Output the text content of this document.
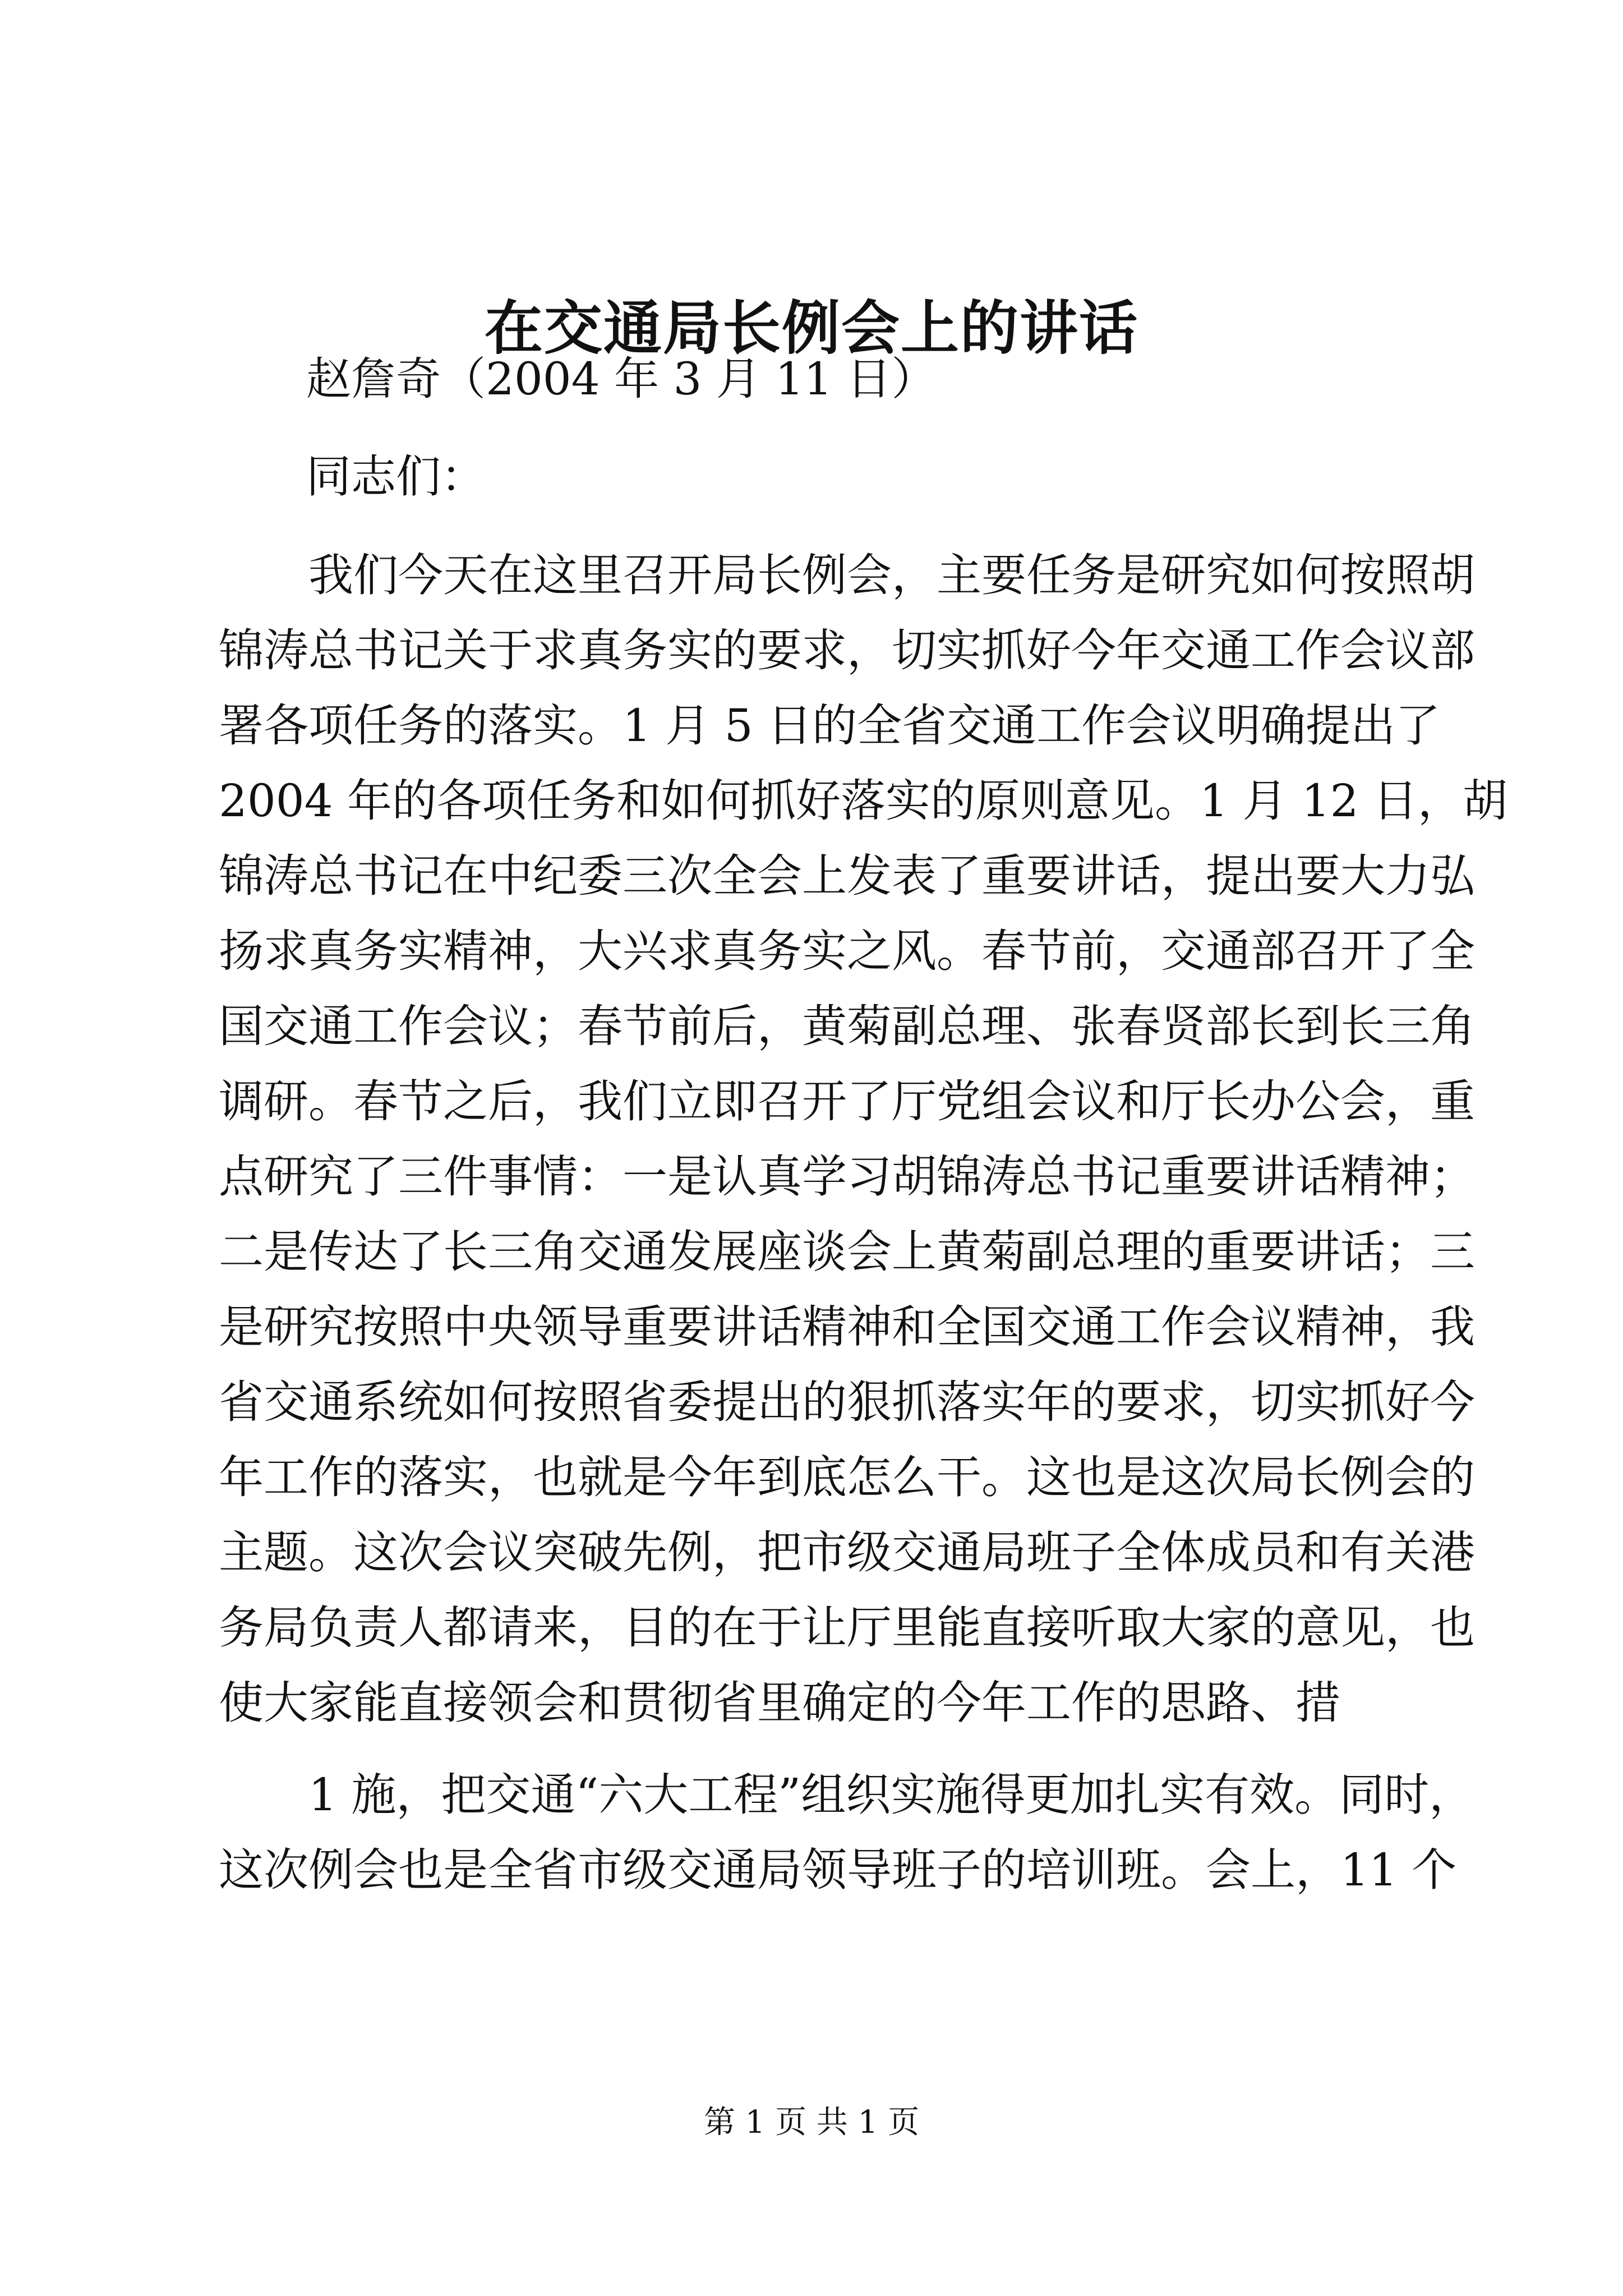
在交通局长例会上的讲话
赵詹奇（2004 年 3 月 11 日）
同志们：
　　我们今天在这里召开局长例会，主要任务是研究如何按照胡
锦涛总书记关于求真务实的要求，切实抓好今年交通工作会议部
署各项任务的落实。1 月 5 日的全省交通工作会议明确提出了
2004 年的各项任务和如何抓好落实的原则意见。1 月 12 日，胡
锦涛总书记在中纪委三次全会上发表了重要讲话，提出要大力弘
扬求真务实精神，大兴求真务实之风。春节前，交通部召开了全
国交通工作会议；春节前后，黄菊副总理、张春贤部长到长三角
调研。春节之后，我们立即召开了厅党组会议和厅长办公会，重
点研究了三件事情：一是认真学习胡锦涛总书记重要讲话精神；
二是传达了长三角交通发展座谈会上黄菊副总理的重要讲话；三
是研究按照中央领导重要讲话精神和全国交通工作会议精神，我
省交通系统如何按照省委提出的狠抓落实年的要求，切实抓好今
年工作的落实，也就是今年到底怎么干。这也是这次局长例会的
主题。这次会议突破先例，把市级交通局班子全体成员和有关港
务局负责人都请来，目的在于让厅里能直接听取大家的意见，也
使大家能直接领会和贯彻省里确定的今年工作的思路、措
　　1 施，把交通“六大工程”组织实施得更加扎实有效。同时，
这次例会也是全省市级交通局领导班子的培训班。会上，11 个
第 1 页 共 1 页
